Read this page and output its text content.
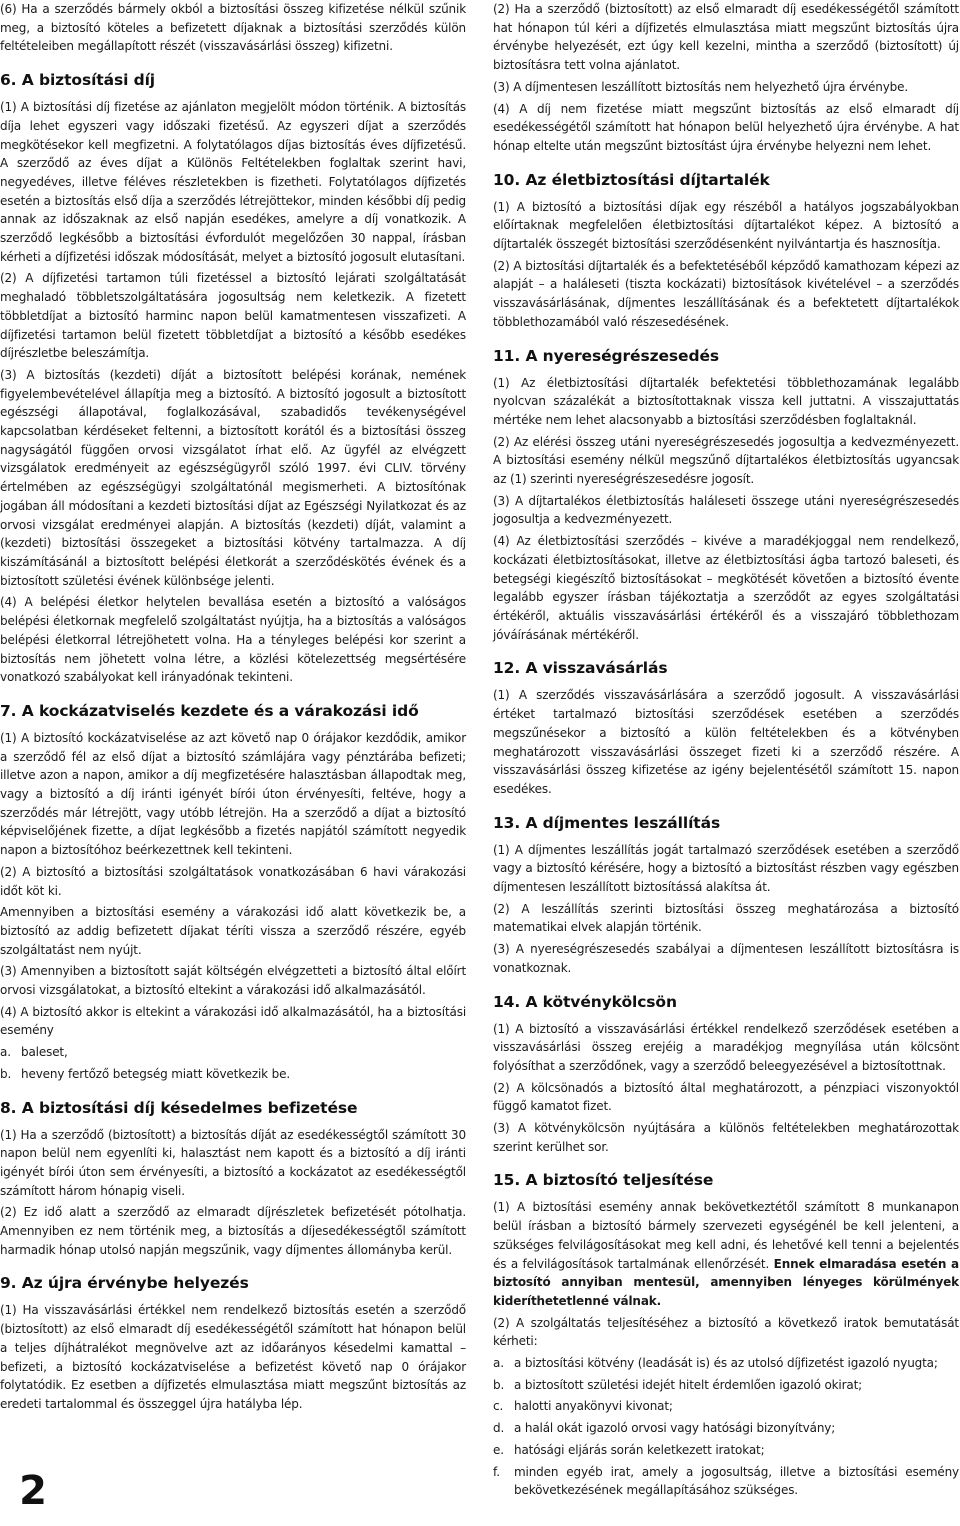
(6) Ha a szerződés bármely okból a biztosítási összeg kifizetése nélkül szűnik meg, a biztosító köteles a befizetett díjaknak a biztosítási szerződés külön feltételeiben megállapított részét (visszavásárlási összeg) kifizetni.

6. A biztosítási díj

(1) A biztosítási díj fizetése az ajánlaton megjelölt módon történik. A biztosítás díja lehet egyszeri vagy időszaki fizetésű. Az egyszeri díjat a szerződés megkötésekor kell megfizetni. A folytatólagos díjas biztosítás éves díjfizetésű. A szerződő az éves díjat a Különös Feltételekben foglaltak szerint havi, negyedéves, illetve féléves részletekben is fizetheti. Folytatólagos díjfizetés esetén a biztosítás első díja a szerződés létrejöttekor, minden későbbi díj pedig annak az időszaknak az első napján esedékes, amelyre a díj vonatkozik. A szerződő legkésőbb a biztosítási évfordulót megelőzően 30 nappal, írásban kérheti a díjfizetési időszak módosítását, melyet a biztosító jogosult elutasítani.

(2) A díjfizetési tartamon túli fizetéssel a biztosító lejárati szolgáltatását meghaladó többletszolgáltatására jogosultság nem keletkezik. A fizetett többletdíjat a biztosító harminc napon belül kamatmentesen visszafizeti. A díjfizetési tartamon belül fizetett többletdíjat a biztosító a később esedékes díjrészletbe beleszámítja.

(3) A biztosítás (kezdeti) díját a biztosított belépési korának, nemének figyelembevételével állapítja meg a biztosító. A biztosító jogosult a biztosított egészségi állapotával, foglalkozásával, szabadidős tevékenységével kapcsolatban kérdéseket feltenni, a biztosított korától és a biztosítási összeg nagyságától függően orvosi vizsgálatot írhat elő. Az ügyfél az elvégzett vizsgálatok eredményeit az egészségügyről szóló 1997. évi CLIV. törvény értelmében az egészségügyi szolgáltatónál megismerheti. A biztosítónak jogában áll módosítani a kezdeti biztosítási díjat az Egészségi Nyilatkozat és az orvosi vizsgálat eredményei alapján. A biztosítás (kezdeti) díját, valamint a (kezdeti) biztosítási összegeket a biztosítási kötvény tartalmazza. A díj kiszámításánál a biztosított belépési életkorát a szerződéskötés évének és a biztosított születési évének különbsége jelenti.

(4) A belépési életkor helytelen bevallása esetén a biztosító a valóságos belépési életkornak megfelelő szolgáltatást nyújtja, ha a biztosítás a valóságos belépési életkorral létrejöhetett volna. Ha a tényleges belépési kor szerint a biztosítás nem jöhetett volna létre, a közlési kötelezettség megsértésére vonatkozó szabályokat kell irányadónak tekinteni.

7. A kockázatviselés kezdete és a várakozási idő

(1) A biztosító kockázatviselése az azt követő nap 0 órájakor kezdődik, amikor a szerződő fél az első díjat a biztosító számlájára vagy pénztárába befizeti; illetve azon a napon, amikor a díj megfizetésére halasztásban állapodtak meg, vagy a biztosító a díj iránti igényét bírói úton érvényesíti, feltéve, hogy a szerződés már létrejött, vagy utóbb létrejön. Ha a szerződő a díjat a biztosító képviselőjének fizette, a díjat legkésőbb a fizetés napjától számított negyedik napon a biztosítóhoz beérkezettnek kell tekinteni.

(2) A biztosító a biztosítási szolgáltatások vonatkozásában 6 havi várakozási időt köt ki.

Amennyiben a biztosítási esemény a várakozási idő alatt következik be, a biztosító az addig befizetett díjakat téríti vissza a szerződő részére, egyéb szolgáltatást nem nyújt.

(3) Amennyiben a biztosított saját költségén elvégzetteti a biztosító által előírt orvosi vizsgálatokat, a biztosító eltekint a várakozási idő alkalmazásától.

(4) A biztosító akkor is eltekint a várakozási idő alkalmazásától, ha a biztosítási esemény

a. baleset,
b. heveny fertőző betegség miatt következik be.
8. A biztosítási díj késedelmes befizetése

(1) Ha a szerződő (biztosított) a biztosítás díját az esedékességtől számított 30 napon belül nem egyenlíti ki, halasztást nem kapott és a biztosító a díj iránti igényét bírói úton sem érvényesíti, a biztosító a kockázatot az esedékességtől számított három hónapig viseli.

(2) Ez idő alatt a szerződő az elmaradt díjrészletek befizetését pótolhatja. Amennyiben ez nem történik meg, a biztosítás a díjesedékességtől számított harmadik hónap utolsó napján megszűnik, vagy díjmentes állományba kerül.

9. Az újra érvénybe helyezés

(1) Ha visszavásárlási értékkel nem rendelkező biztosítás esetén a szerződő (biztosított) az első elmaradt díj esedékességétől számított hat hónapon belül a teljes díjhátralékot megnövelve azt az időarányos késedelmi kamattal – befizeti, a biztosító kockázatviselése a befizetést követő nap 0 órájakor folytatódik. Ez esetben a díjfizetés elmulasztása miatt megszűnt biztosítás az eredeti tartalommal és összeggel újra hatályba lép.

(2) Ha a szerződő (biztosított) az első elmaradt díj esedékességétől számított hat hónapon túl kéri a díjfizetés elmulasztása miatt megszűnt biztosítás újra érvénybe helyezését, ezt úgy kell kezelni, mintha a szerződő (biztosított) új biztosításra tett volna ajánlatot.

(3) A díjmentesen leszállított biztosítás nem helyezhető újra érvénybe.

(4) A díj nem fizetése miatt megszűnt biztosítás az első elmaradt díj esedékességétől számított hat hónapon belül helyezhető újra érvénybe. A hat hónap eltelte után megszűnt biztosítást újra érvénybe helyezni nem lehet.

10. Az életbiztosítási díjtartalék

(1) A biztosító a biztosítási díjak egy részéből a hatályos jogszabályokban előírtaknak megfelelően életbiztosítási díjtartalékot képez. A biztosító a díjtartalék összegét biztosítási szerződésenként nyilvántartja és hasznosítja.

(2) A biztosítási díjtartalék és a befektetéséből képződő kamathozam képezi az alapját – a haláleseti (tiszta kockázati) biztosítások kivételével – a szerződés visszavásárlásának, díjmentes leszállításának és a befektetett díjtartalékok többlethozamából való részesedésének.

11. A nyereségrészesedés

(1) Az életbiztosítási díjtartalék befektetési többlethozamának legalább nyolcvan százalékát a biztosítottaknak vissza kell juttatni. A visszajuttatás mértéke nem lehet alacsonyabb a biztosítási szerződésben foglaltaknál.

(2) Az elérési összeg utáni nyereségrészesedés jogosultja a kedvezményezett. A biztosítási esemény nélkül megszűnő díjtartalékos életbiztosítás ugyancsak az (1) szerinti nyereségrészesedésre jogosít.

(3) A díjtartalékos életbiztosítás haláleseti összege utáni nyereségrészesedés jogosultja a kedvezményezett.

(4) Az életbiztosítási szerződés – kivéve a maradékjoggal nem rendelkező, kockázati életbiztosításokat, illetve az életbiztosítási ágba tartozó baleseti, és betegségi kiegészítő biztosításokat – megkötését követően a biztosító évente legalább egyszer írásban tájékoztatja a szerződőt az egyes szolgáltatási értékéről, aktuális visszavásárlási értékéről és a visszajáró többlethozam jóváírásának mértékéről.

12. A visszavásárlás

(1) A szerződés visszavásárlására a szerződő jogosult. A visszavásárlási értéket tartalmazó biztosítási szerződések esetében a szerződés megszűnésekor a biztosító a külön feltételekben és a kötvényben meghatározott visszavásárlási összeget fizeti ki a szerződő részére. A visszavásárlási összeg kifizetése az igény bejelentésétől számított 15. napon esedékes.

13. A díjmentes leszállítás

(1) A díjmentes leszállítás jogát tartalmazó szerződések esetében a szerződő vagy a biztosító kérésére, hogy a biztosító a biztosítást részben vagy egészben díjmentesen leszállított biztosítássá alakítsa át.

(2) A leszállítás szerinti biztosítási összeg meghatározása a biztosító matematikai elvek alapján történik.

(3) A nyereségrészesedés szabályai a díjmentesen leszállított biztosításra is vonatkoznak.

14. A kötvénykölcsön

(1) A biztosító a visszavásárlási értékkel rendelkező szerződések esetében a visszavásárlási összeg erejéig a maradékjog megnyílása után kölcsönt folyósíthat a szerződőnek, vagy a szerződő beleegyezésével a biztosítottnak.

(2) A kölcsönadós a biztosító által meghatározott, a pénzpiaci viszonyoktól függő kamatot fizet.

(3) A kötvénykölcsön nyújtására a különös feltételekben meghatározottak szerint kerülhet sor.

15. A biztosító teljesítése

(1) A biztosítási esemény annak bekövetkeztétől számított 8 munkanapon belül írásban a biztosító bármely szervezeti egységénél be kell jelenteni, a szükséges felvilágosításokat meg kell adni, és lehetővé kell tenni a bejelentés és a felvilágosítások tartalmának ellenőrzését. Ennek elmaradása esetén a biztosító annyiban mentesül, amennyiben lényeges körülmények kideríthetetlenné válnak.

(2) A szolgáltatás teljesítéséhez a biztosító a következő iratok bemutatását kérheti:

a. a biztosítási kötvény (leadását is) és az utolsó díjfizetést igazoló nyugta;
b. a biztosított születési idejét hitelt érdemlően igazoló okirat;
c. halotti anyakönyvi kivonat;
d. a halál okát igazoló orvosi vagy hatósági bizonyítvány;
e. hatósági eljárás során keletkezett iratokat;
f.	minden egyéb irat, amely a jogosultság, illetve a biztosítási esemény bekövetkezésének megállapításához szükséges.
2
